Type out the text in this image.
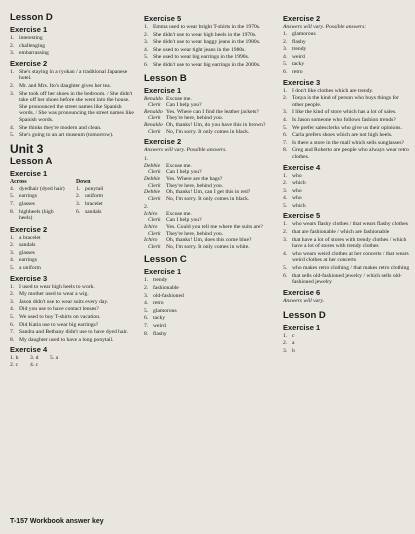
Lesson D
Exercise 1
1. interesting
2. challenging
3. embarrassing
Exercise 2
1. She's staying in a ryokan / a traditional Japanese hotel.
2. Mr. and Mrs. Ito's daughter gives her tea.
3. She took off her shoes in the bedroom. / She didn't take off her shoes before she went into the house. She pronounced the street names like Spanish words. / She was pronouncing the street names like Spanish words.
4. She thinks they're modern and clean.
5. She's going to an art museum (tomorrow).
Unit 3
Lesson A
Exercise 1
Across
4. dyedhair (dyed hair)
5. earrings
7. glasses
8. highheels (high heels)
Down
1. ponytail
2. uniform
3. bracelet
6. sandals
Exercise 2
1. a bracelet
2. sandals
3. glasses
4. earrings
5. a uniform
Exercise 3
1. I used to wear high heels to work.
2. My mother used to wear a wig.
3. Jason didn't use to wear suits every day.
4. Did you use to have contact lenses?
5. We used to buy T-shirts on vacation.
6. Did Katia use to wear big earrings?
7. Sandra and Bethany didn't use to have dyed hair.
8. My daughter used to have a long ponytail.
Exercise 4
1. b	3. d	5. a
2. c	4. c
Exercise 5
1. Emma used to wear bright T-shirts in the 1970s.
2. She didn't use to wear high heels in the 1970s.
3. She didn't use to wear baggy jeans in the 1980s.
4. She used to wear tight jeans in the 1980s.
5. She used to wear big earrings in the 1990s.
6. She didn't use to wear big earrings in the 2000s.
Lesson B
Exercise 1
Renaldo Excuse me.
Clerk Can I help you?
Renaldo Yes. Where can I find the leather jackets?
Clerk They're here, behind you.
Renaldo Oh, thanks! Um, do you have this in brown?
Clerk No, I'm sorry. It only comes in black.
Exercise 2
Answers will vary. Possible answers.
1.
Debbie	Excuse me.
Clerk Can I help you?
Debbie	Yes. Where are the bags?
Clerk They're here, behind you.
Debbie	Oh, thanks! Um, can I get this in red?
Clerk No, I'm sorry. It only comes in black.
2.
Ichiro	Excuse me.
Clerk Can I help you?
Ichiro	Yes. Could you tell me where the suits are?
Clerk They're here, behind you.
Ichiro	Oh, thanks! Um, does this come blue?
Clerk No, I'm sorry. It only comes in white.
Lesson C
Exercise 1
1. trendy
2. fashionable
3. old-fashioned
4. retro
5. glamorous
6. tacky
7. weird
8. flashy
Exercise 2
Answers will vary. Possible answers:
1. glamorous
2. flashy
3. trendy
4. weird
5. tacky
6. retro
Exercise 3
1. I don't like clothes which are trendy.
2. Tonya is the kind of person who buys things for other people.
3. I like the kind of store which has a lot of sales.
4. Is Jason someone who follows fashion trends?
5. We prefer salesclerks who give us their opinions.
6. Carla prefers shoes which are not high heels.
7. Is there a store in the mall which sells sunglasses?
8. Greg and Roberto are people who always wear retro clothes.
Exercise 4
1. who
2. which
3. who
4. who
5. which
Exercise 5
1. who wears flashy clothes / that wears flashy clothes
2. that are fashionable / which are fashionable
3. that have a lot of stores with trendy clothes / which have a lot of stores with trendy clothes
4. who wears weird clothes at her concerts / that wears weird clothes at her concerts
5. who makes retro clothing / that makes retro clothing
6. that sells old-fashioned jewelry / which sells old-fashioned jewelry
Exercise 6
Answers will vary.
Lesson D
Exercise 1
1. c
2. a
3. b
T-157 Workbook answer key
